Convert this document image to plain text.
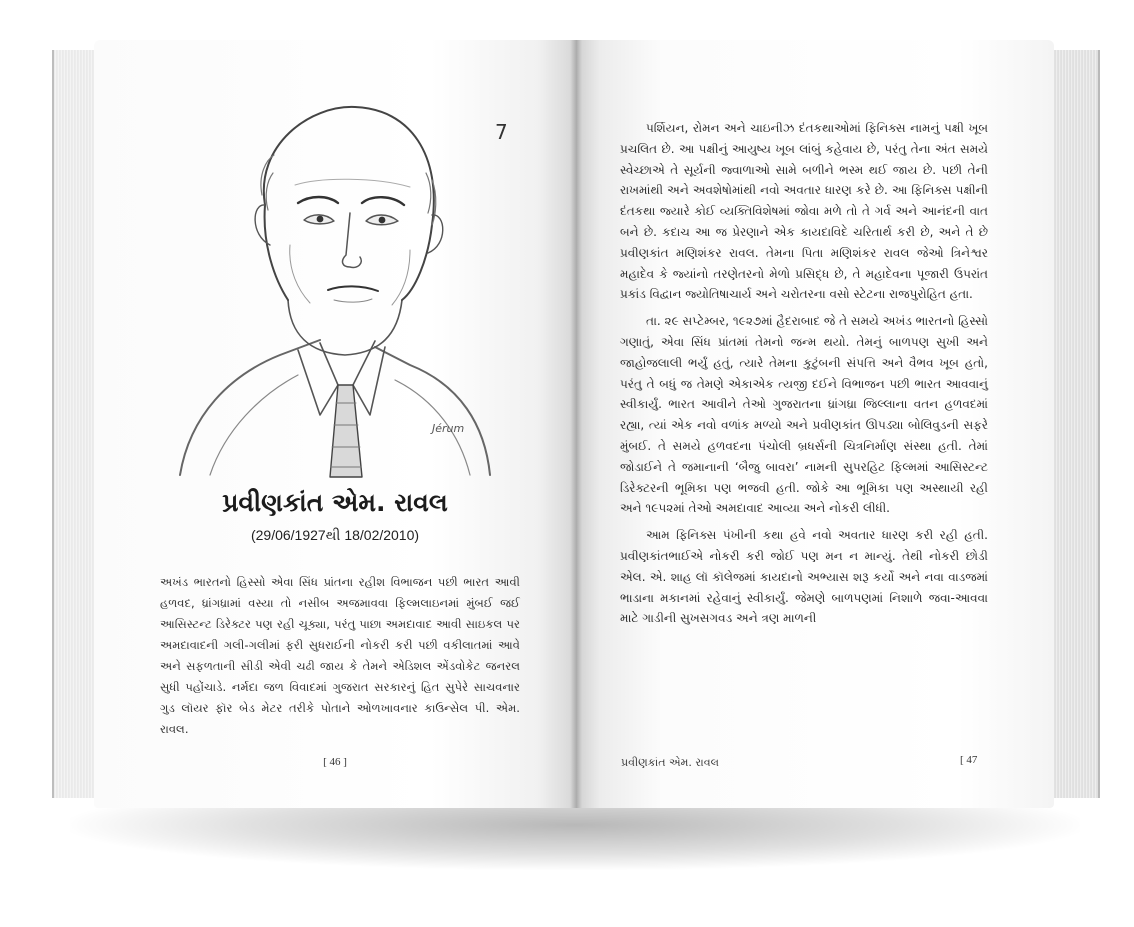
7
Jérum
પ્રવીણકાંત એમ. રાવલ
(29/06/1927થી 18/02/2010)
અખંડ ભારતનો હિસ્સો એવા સિંધ પ્રાંતના રહીશ વિભાજન પછી ભારત આવી હળવદ, ધ્રાંગધ્રામાં વસ્યા તો નસીબ અજમાવવા ફિલ્મલાઇનમાં મુંબઈ જઈ આસિસ્ટન્ટ ડિરેક્ટર પણ રહી ચૂક્યા, પરંતુ પાછા અમદાવાદ આવી સાઇકલ પર અમદાવાદની ગલી-ગલીમાં ફરી સુધરાઈની નોકરી કરી પછી વકીલાતમાં આવે અને સફળતાની સીડી એવી ચઢી જાય કે તેમને એડિશલ એંડવોકેટ જનરલ સુધી પહોંચાડે. નર્મદા જળ વિવાદમાં ગુજરાત સરકારનું હિત સુપેરે સાચવનાર ગુડ લૉયર ફૉર બેડ મેટર તરીકે પોતાને ઓળખાવનાર કાઉન્સેલ પી. એમ. રાવલ.
[ 46 ]

પર્શિયન, રોમન અને ચાઇનીઝ દંતકથાઓમાં ફિનિક્સ નામનું પક્ષી ખૂબ પ્રચલિત છે. આ પક્ષીનું આયુષ્ય ખૂબ લાંબું કહેવાય છે, પરંતુ તેના અંત સમયે સ્વેચ્છાએ તે સૂર્યની જ્વાળાઓ સામે બળીને ભસ્મ થઈ જાય છે. પછી તેની રાખમાંથી અને અવશેષોમાંથી નવો અવતાર ધારણ કરે છે. આ ફિનિક્સ પક્ષીની દંતકથા જ્યારે કોઈ વ્યક્તિવિશેષમાં જોવા મળે તો તે ગર્વ અને આનંદની વાત બને છે. કદાચ આ જ પ્રેરણાને એક કાયદાવિદે ચરિતાર્થ કરી છે, અને તે છે પ્રવીણકાંત મણિશંકર રાવલ. તેમના પિતા મણિશંકર રાવલ જેઓ ત્રિનેશ્વર મહાદેવ કે જ્યાંનો તરણેતરનો મેળો પ્રસિદ્ધ છે, તે મહાદેવના પૂજારી ઉપરાંત પ્રકાંડ વિદ્વાન જ્યોતિષાચાર્ય અને ચરોતરના વસો સ્ટેટના રાજપુરોહિત હતા.

તા. ૨૯ સપ્ટેમ્બર, ૧૯૨૭માં હૈદરાબાદ જે તે સમયે અખંડ ભારતનો હિસ્સો ગણાતું, એવા સિંધ પ્રાંતમાં તેમનો જન્મ થયો. તેમનું બાળપણ સુખી અને જાહોજલાલી ભર્યું હતું, ત્યારે તેમના કુટુંબની સંપત્તિ અને વૈભવ ખૂબ હતો, પરંતુ તે બધું જ તેમણે એકાએક ત્યજી દઈને વિભાજન પછી ભારત આવવાનું સ્વીકાર્યું. ભારત આવીને તેઓ ગુજરાતના ધ્રાંગધ્રા જિલ્લાના વતન હળવદમાં રહ્યા, ત્યાં એક નવો વળાંક મળ્યો અને પ્રવીણકાંત ઊપડ્યા બોલિવુડની સફરે મુંબઈ. તે સમયે હળવદના પંચોલી બ્રધર્સની ચિત્રનિર્માણ સંસ્થા હતી. તેમાં જોડાઈને તે જમાનાની ‘બૈજુ બાવરા’ નામની સુપરહિટ ફિલ્મમાં આસિસ્ટન્ટ ડિરેક્ટરની ભૂમિકા પણ ભજવી હતી. જોકે આ ભૂમિકા પણ અસ્થાયી રહી અને ૧૯૫૨માં તેઓ અમદાવાદ આવ્યા અને નોકરી લીધી.

આમ ફિનિક્સ પંખીની કથા હવે નવો અવતાર ધારણ કરી રહી હતી. પ્રવીણકાંતભાઈએ નોકરી કરી જોઈ પણ મન ન માન્યું. તેથી નોકરી છોડી એલ. એ. શાહ લૉ કૉલેજમાં કાયદાનો અભ્યાસ શરૂ કર્યો અને નવા વાડજમાં ભાડાના મકાનમાં રહેવાનું સ્વીકાર્યું. જેમણે બાળપણમાં નિશાળે જવા-આવવા માટે ગાડીની સુખસગવડ અને ત્રણ માળની

પ્રવીણકાંત એમ. રાવલ	[ 47
